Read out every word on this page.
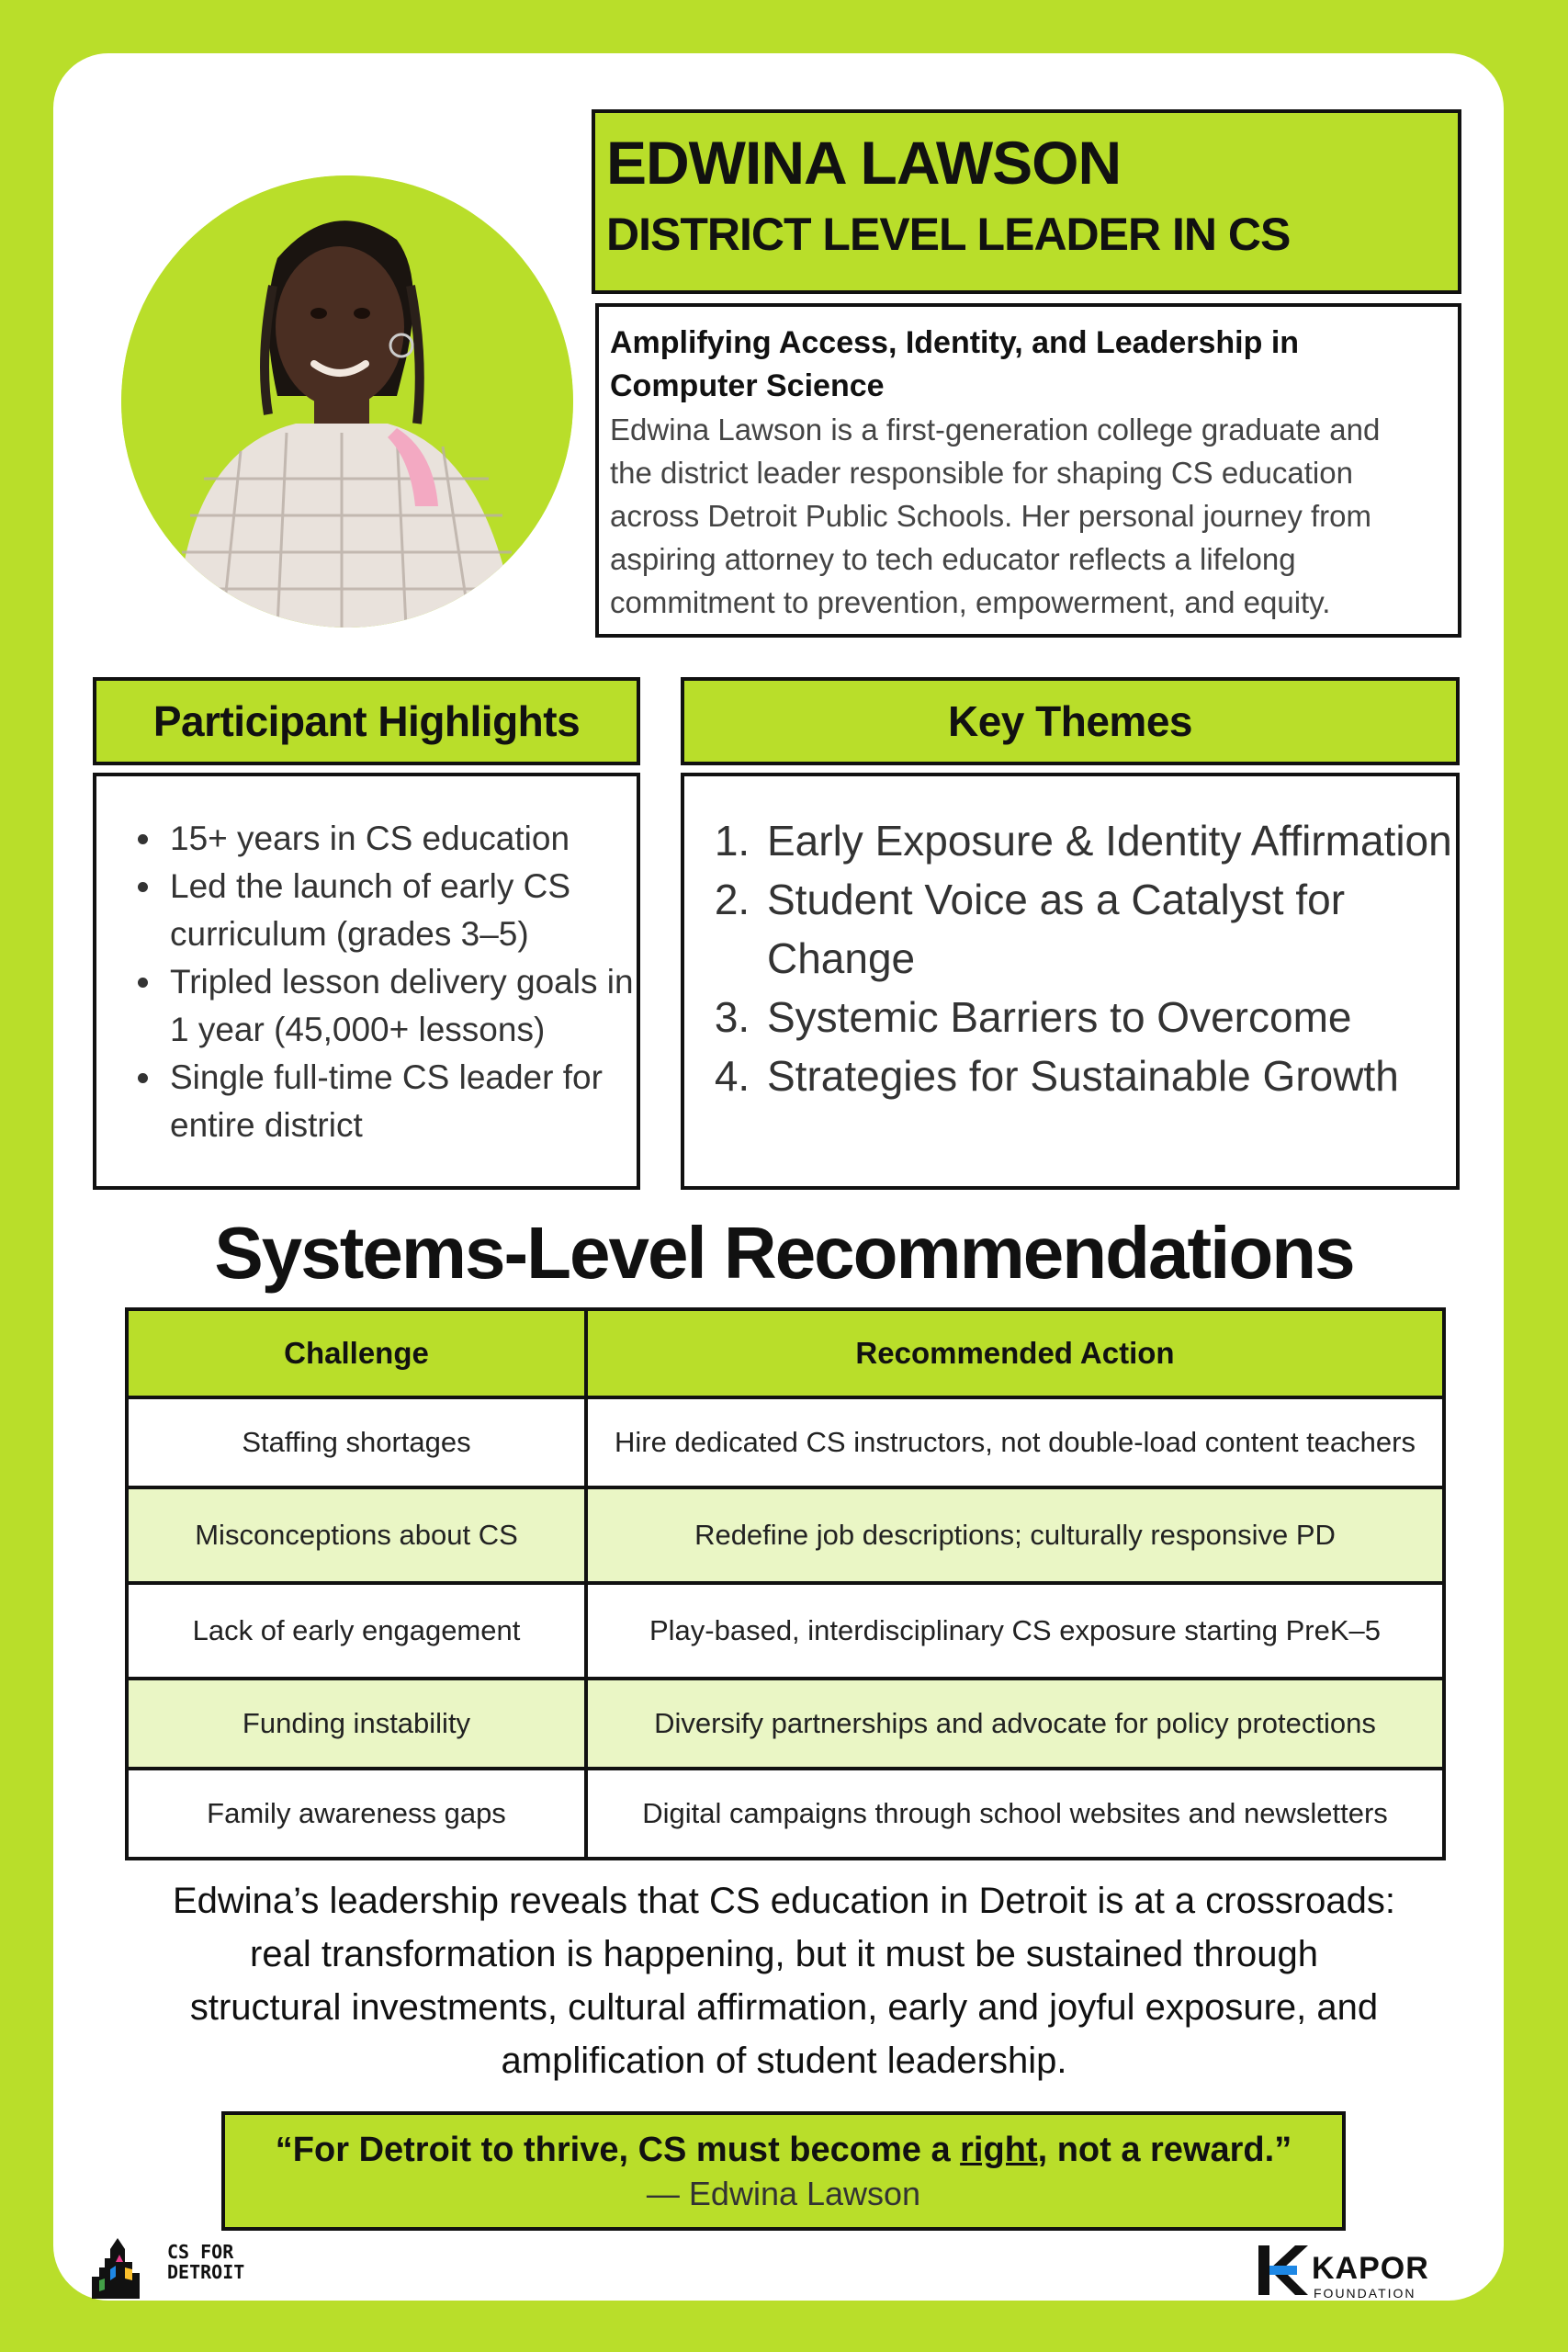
EDWINA LAWSON
DISTRICT LEVEL LEADER IN CS
Amplifying Access, Identity, and Leadership in
Computer Science
Edwina Lawson is a first-generation college graduate and
the district leader responsible for shaping CS education
across Detroit Public Schools. Her personal journey from
aspiring attorney to tech educator reflects a lifelong
commitment to prevention, empowerment, and equity.
Participant Highlights
• 15+ years in CS education
• Led the launch of early CS curriculum (grades 3–5)
• Tripled lesson delivery goals in 1 year (45,000+ lessons)
• Single full-time CS leader for entire district
Key Themes
1. Early Exposure & Identity Affirmation
2. Student Voice as a Catalyst for Change
3. Systemic Barriers to Overcome
4. Strategies for Sustainable Growth
Systems-Level Recommendations
Challenge	Recommended Action
Staffing shortages	Hire dedicated CS instructors, not double-load content teachers
Misconceptions about CS	Redefine job descriptions; culturally responsive PD
Lack of early engagement	Play-based, interdisciplinary CS exposure starting PreK–5
Funding instability	Diversify partnerships and advocate for policy protections
Family awareness gaps	Digital campaigns through school websites and newsletters
Edwina’s leadership reveals that CS education in Detroit is at a crossroads:
real transformation is happening, but it must be sustained through
structural investments, cultural affirmation, early and joyful exposure, and
amplification of student leadership.
“For Detroit to thrive, CS must become a right, not a reward.”
— Edwina Lawson
CS FOR
DETROIT	KAPOR
FOUNDATION
